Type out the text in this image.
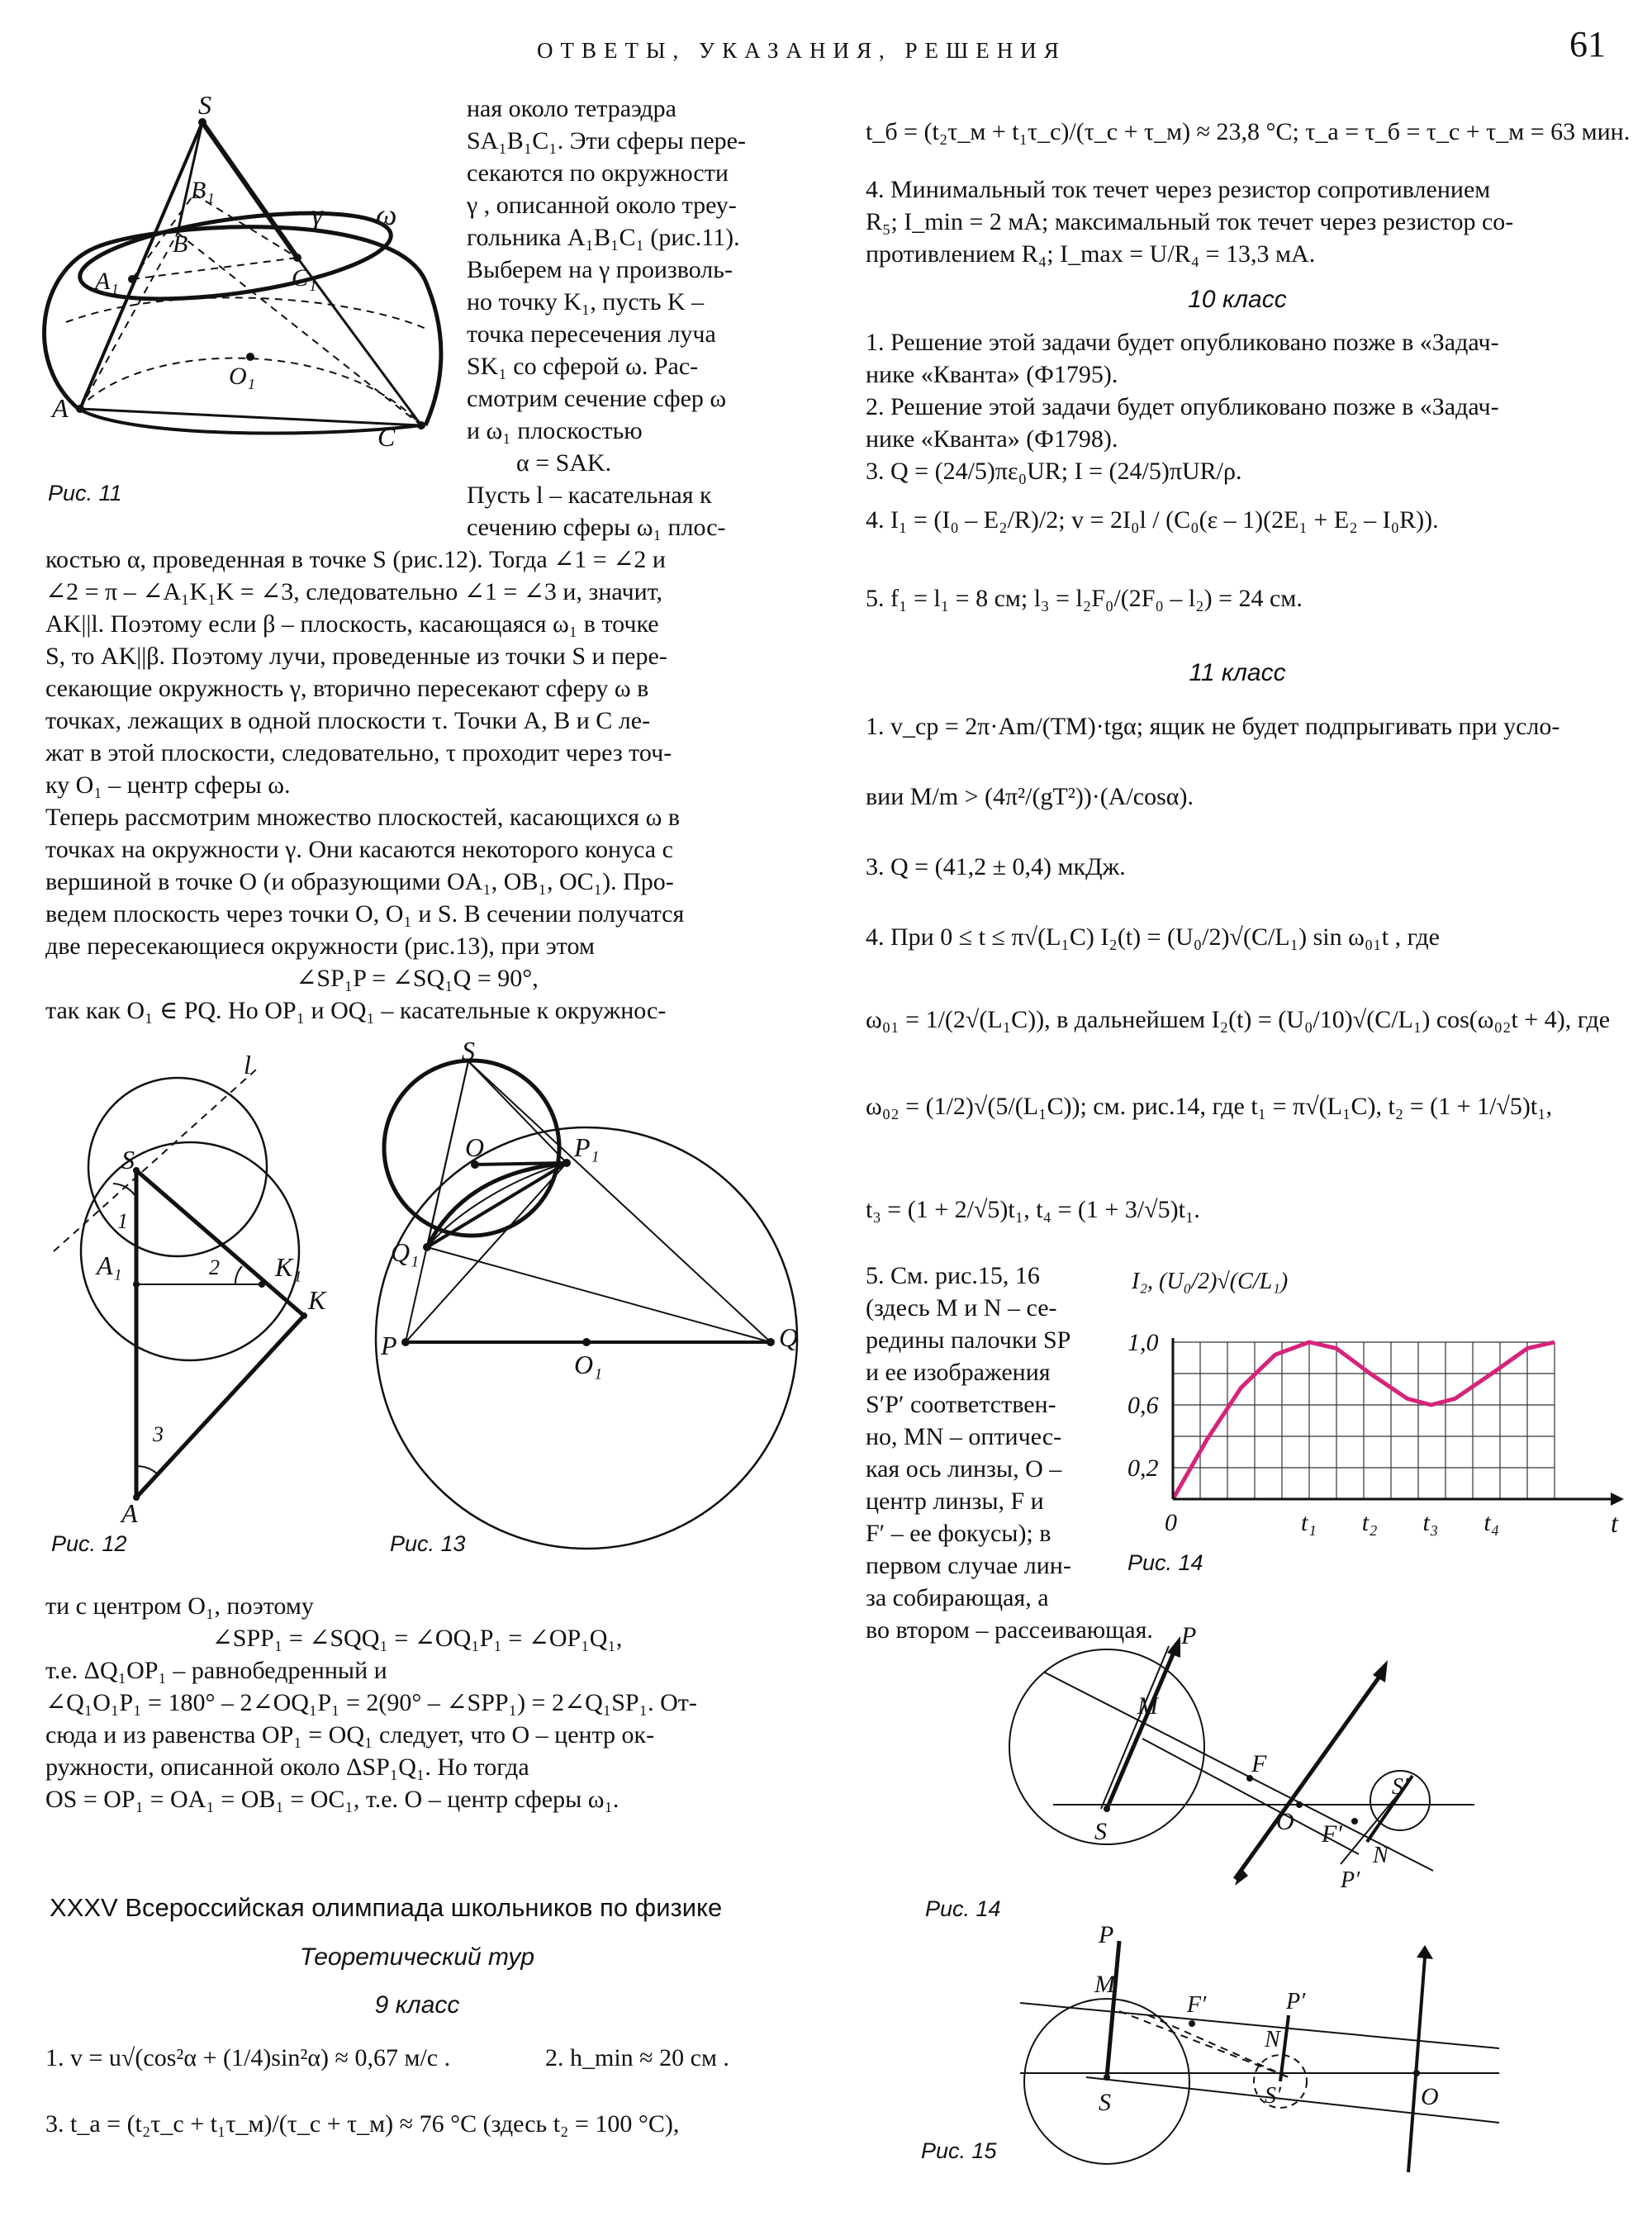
ОТВЕТЫ, УКАЗАНИЯ, РЕШЕНИЯ	61
S
B₁
B
γ ω
A₁	C₁
O₁
A
C
Рис. 11
ная около тетраэдра
SA₁B₁C₁. Эти сферы пере-
секаются по окружности
γ , описанной около треу-
гольника A₁B₁C₁ (рис.11).
Выберем на γ произволь-
но точку K₁, пусть K –
точка пересечения луча
SK₁ со сферой ω. Рас-
смотрим сечение сфер ω
и ω₁ плоскостью
α = SAK.
Пусть l – касательная к
сечению сферы ω₁ плос-
костью α, проведенная в точке S (рис.12). Тогда ∠1 = ∠2 и
∠2 = π – ∠A₁K₁K = ∠3, следовательно ∠1 = ∠3 и, значит,
AK||l. Поэтому если β – плоскость, касающаяся ω₁ в точке
S, то AK||β. Поэтому лучи, проведенные из точки S и пере-
секающие окружность γ, вторично пересекают сферу ω в
точках, лежащих в одной плоскости τ. Точки A, B и C ле-
жат в этой плоскости, следовательно, τ проходит через точ-
ку O₁ – центр сферы ω.
Теперь рассмотрим множество плоскостей, касающихся ω в
точках на окружности γ. Они касаются некоторого конуса с
вершиной в точке O (и образующими OA₁, OB₁, OC₁). Про-
ведем плоскость через точки O, O₁ и S. В сечении получатся
две пересекающиеся окружности (рис.13), при этом
∠SP₁P = ∠SQ₁Q = 90°,
так как O₁ ∈ PQ. Но OP₁ и OQ₁ – касательные к окружнос-
l
S
1
A₁	2 K₁
K
3
A
Рис. 12
S
O	P₁
Q₁
P
O₁
Q
Рис. 13
ти с центром O₁, поэтому
∠SPP₁ = ∠SQQ₁ = ∠OQ₁P₁ = ∠OP₁Q₁,
т.е. ΔQ₁OP₁ – равнобедренный и
∠Q₁O₁P₁ = 180° – 2∠OQ₁P₁ = 2(90° – ∠SPP₁) = 2∠Q₁SP₁. От-
сюда и из равенства OP₁ = OQ₁ следует, что O – центр ок-
ружности, описанной около ΔSP₁Q₁. Но тогда
OS = OP₁ = OA₁ = OB₁ = OC₁, т.е. O – центр сферы ω₁.
XXXV Всероссийская олимпиада школьников по физике
Теоретический тур
9 класс
1. v = u√(cos²α + (1/4)sin²α) ≈ 0,67 м/с .	2. h_min ≈ 20 см .
3. t_a = (t₂τ_c + t₁τ_м)/(τ_c + τ_м) ≈ 76 °C (здесь t₂ = 100 °C),
t_б = (t₂τ_м + t₁τ_c)/(τ_c + τ_м) ≈ 23,8 °C; τ_a = τ_б = τ_c + τ_м = 63 мин.
4. Минимальный ток течет через резистор сопротивлением
R₅; I_min = 2 мА; максимальный ток течет через резистор со-
противлением R₄; I_max = U/R₄ = 13,3 мА.
10 класс
1. Решение этой задачи будет опубликовано позже в «Задач-
нике «Кванта» (Ф1795).
2. Решение этой задачи будет опубликовано позже в «Задач-
нике «Кванта» (Ф1798).
3. Q = (24/5)πε₀UR; I = (24/5)πUR/ρ.
4. I₁ = (I₀ – E₂/R)/2; v = 2I₀l / (C₀(ε – 1)(2E₁ + E₂ – I₀R)).
5. f₁ = l₁ = 8 см; l₃ = l₂F₀/(2F₀ – l₂) = 24 см.
11 класс
1. v_ср = 2π·Am/(TM)·tgα; ящик не будет подпрыгивать при усло-
вии M/m > (4π²/(gT²))·(A/cosα).
3. Q = (41,2 ± 0,4) мкДж.
4. При 0 ≤ t ≤ π√(L₁C) I₂(t) = (U₀/2)√(C/L₁) sin ω₀₁t , где
ω₀₁ = 1/(2√(L₁C)), в дальнейшем I₂(t) = (U₀/10)√(C/L₁) cos(ω₀₂t + 4), где
ω₀₂ = (1/2)√(5/(L₁C)); см. рис.14, где t₁ = π√(L₁C), t₂ = (1 + 1/√5)t₁,
t₃ = (1 + 2/√5)t₁, t₄ = (1 + 3/√5)t₁.
5. См. рис.15, 16
(здесь M и N – се-
редины палочки SP
и ее изображения
S′P′ соответствен-
но, MN – оптичес-
кая ось линзы, O –
центр линзы, F и
F′ – ее фокусы); в
первом случае лин-
за собирающая, а
во втором – рассеивающая.
I₂, (U₀/2)√(C/L₁)
t
0,2
0,6
1,0
0	t₁ t₂ t₃ t₄
Рис. 14
P
M
F
S	O
S′
F′
N
P′
Рис. 14
P
M
F′	P′
N
S	S′	O
Рис. 15
